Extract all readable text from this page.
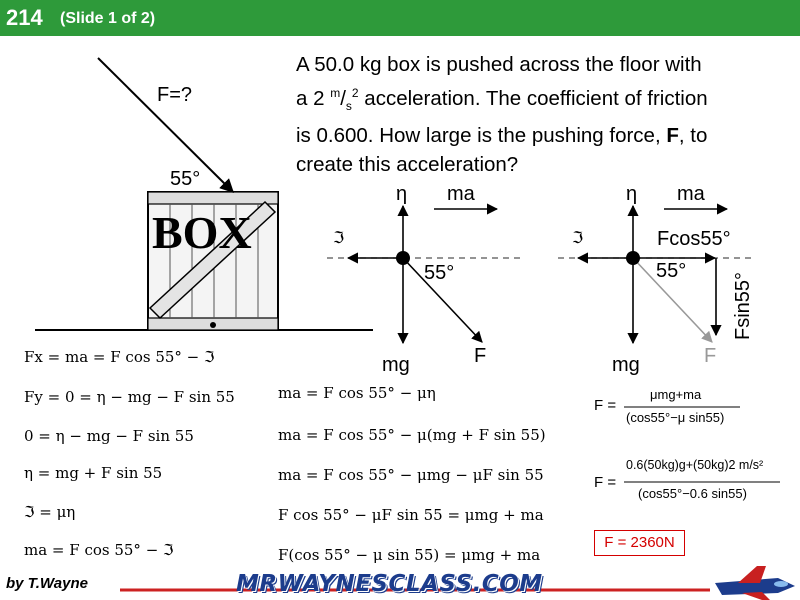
214 (Slide 1 of 2)
A 50.0 kg box is pushed across the floor with
a 2 $^m/_s^2$ acceleration. The coefficient of friction
is 0.600. How large is the pushing force, F, to
create this acceleration?
BOX
F=?
55°
η ma
ℑ
55°
mg	F
η ma
ℑ	Fcos55°
55°
Fsin55°
mg	F
Fx = ma = F cos 55° − ℑ
Fy = 0 = η − mg − F sin 55
0 = η − mg − F sin 55
η = mg + F sin 55
ℑ = μη
ma = F cos 55° − ℑ
ma = F cos 55° − μη
ma = F cos 55° − μ(mg + F sin 55)
ma = F cos 55° − μmg − μF sin 55
F cos 55° − μF sin 55 = μmg + ma
F(cos 55° − μ sin 55) = μmg + ma
F =
μmg+ma
(cos55°−μ sin55)
F =
0.6(50kg)g+(50kg)2 m/s²
(cos55°−0.6 sin55)
F = 2360N
by T.Wayne	MRWAYNESCLASS.COM
